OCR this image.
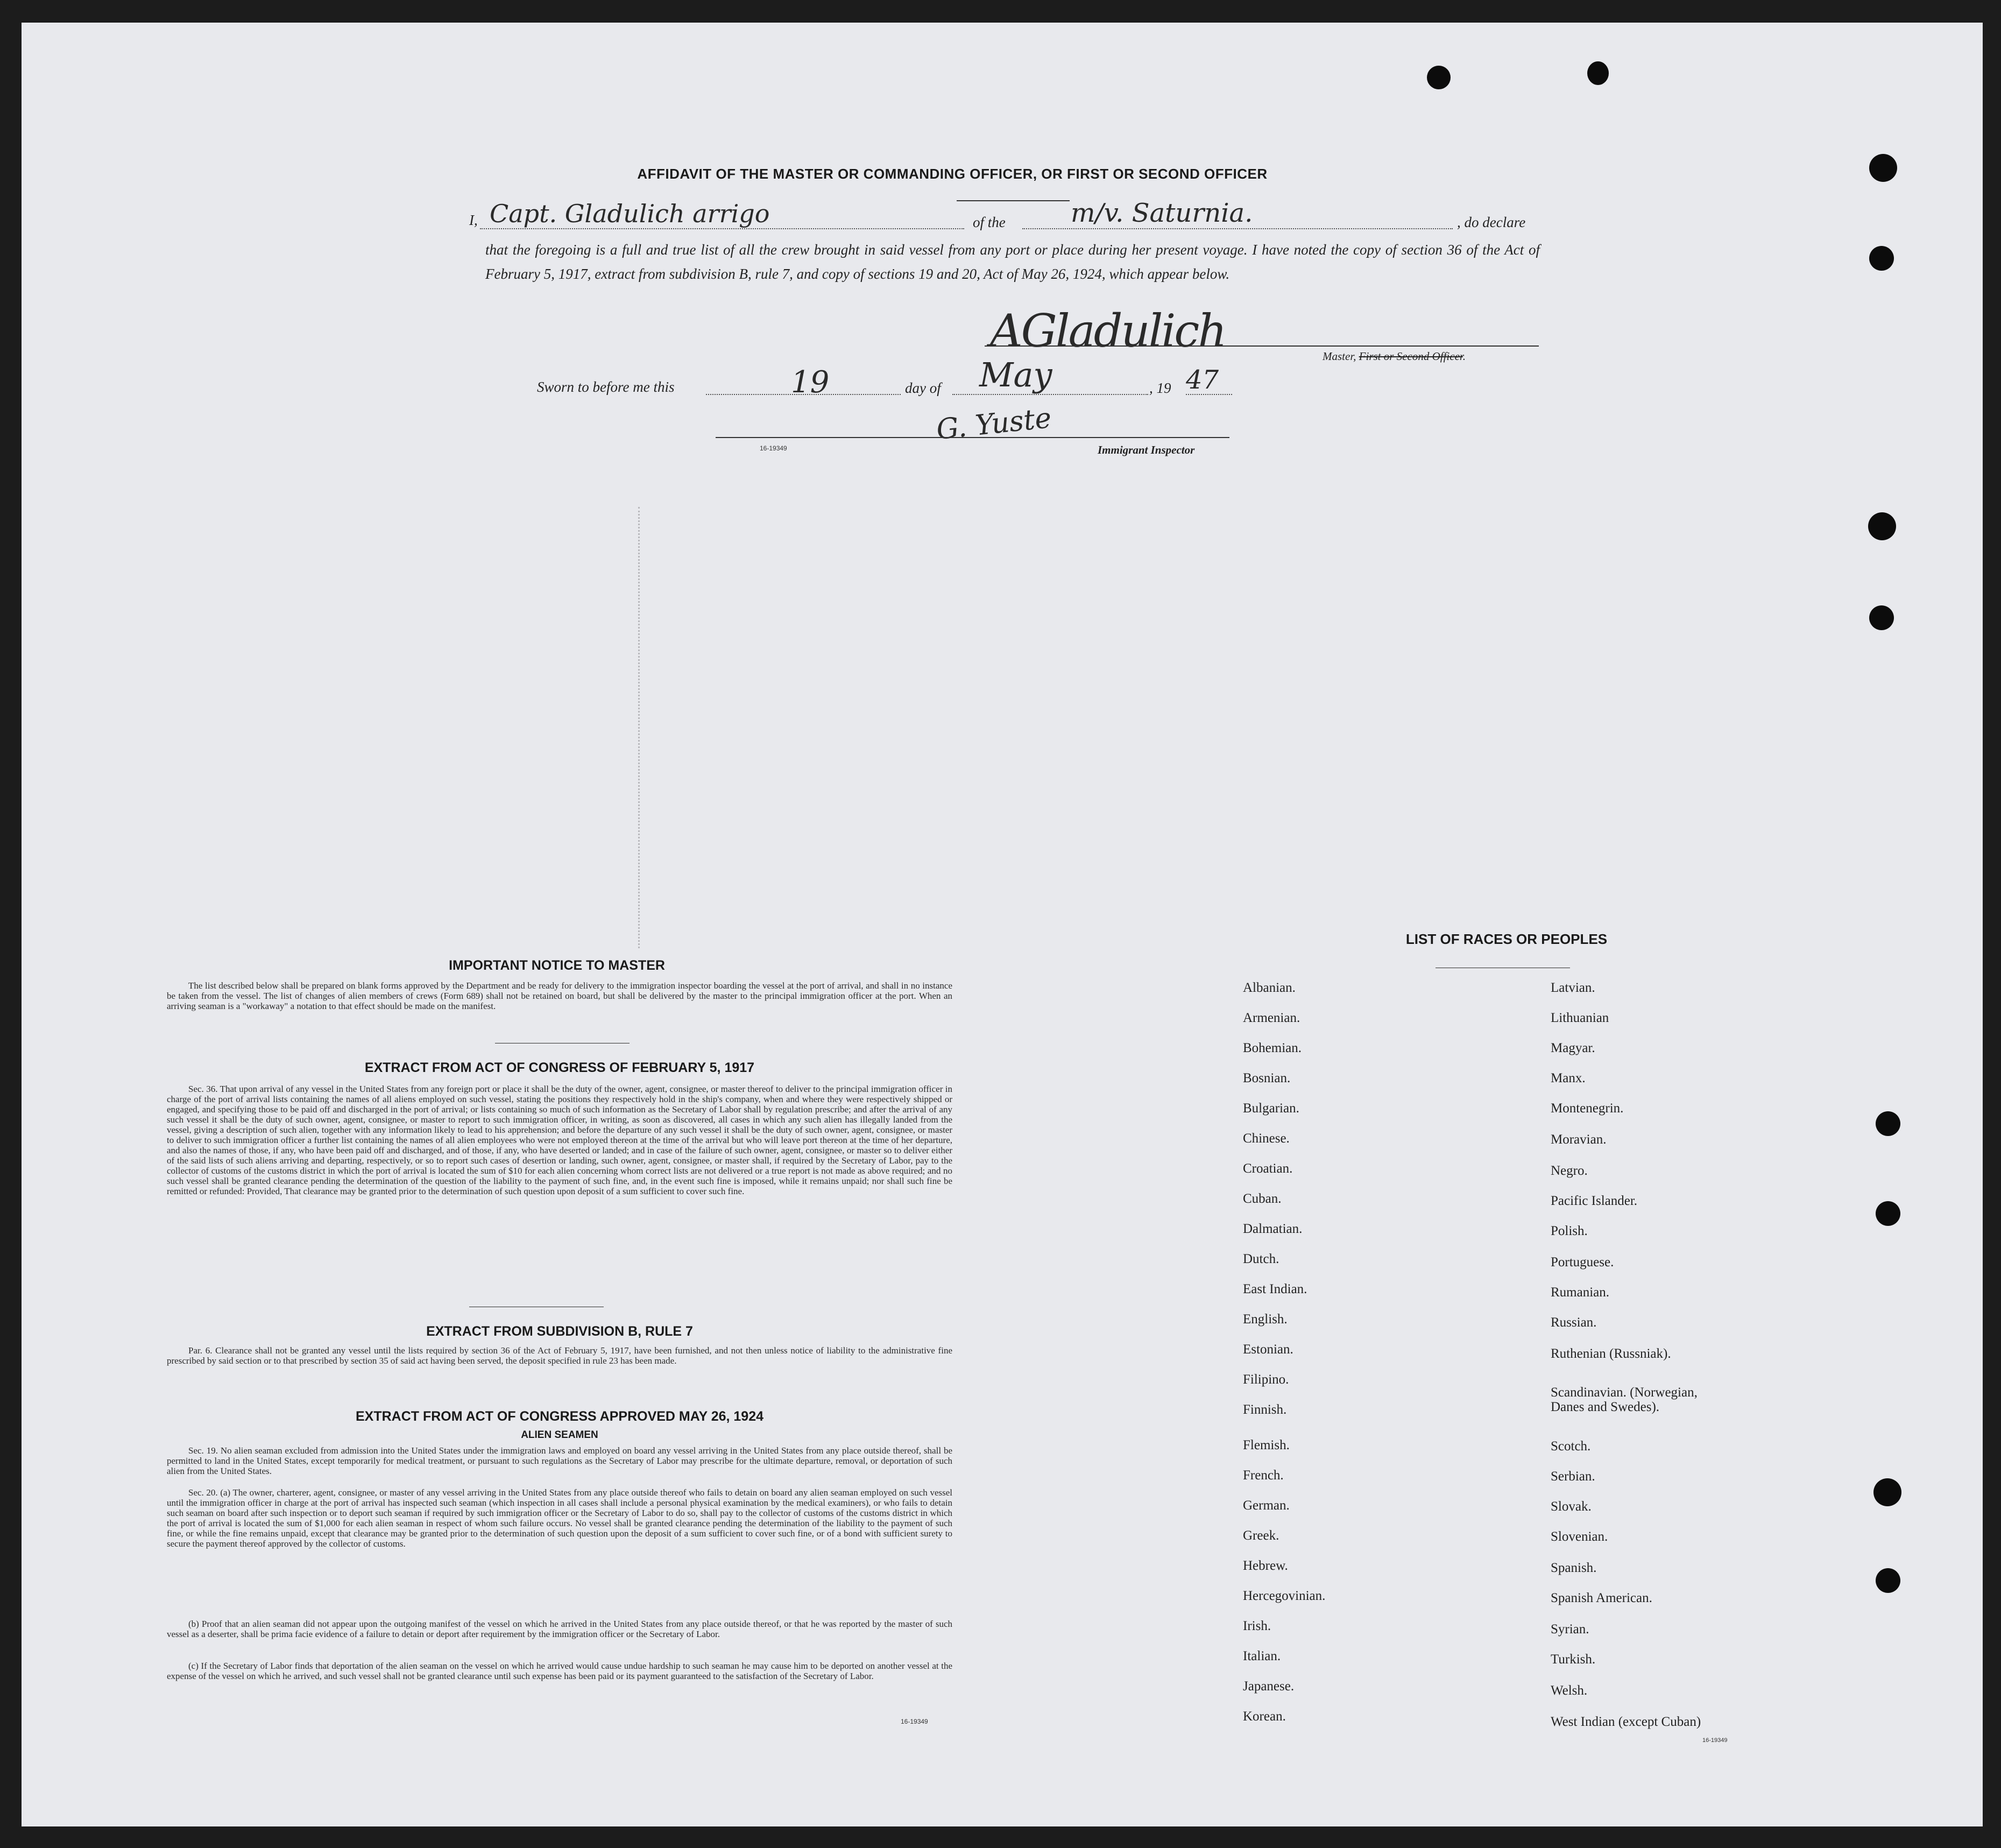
AFFIDAVIT OF THE MASTER OR COMMANDING OFFICER, OR FIRST OR SECOND OFFICER
I, Capt. Gladulich arrigo	of the	m/v. Saturnia.	, do declare
that the foregoing is a full and true list of all the crew brought in said vessel from any port or place during her present voyage. I have noted the copy of section 36 of the Act of February 5, 1917, extract from subdivision B, rule 7, and copy of sections 19 and 20, Act of May 26, 1924, which appear below.
AGladulich	Master, First or Second Officer.
Sworn to before me this	19	day of May	, 19 47
G. Yuste
16-19349	Immigrant Inspector
IMPORTANT NOTICE TO MASTER
The list described below shall be prepared on blank forms approved by the Department and be ready for delivery to the immigration inspector boarding the vessel at the port of arrival, and shall in no instance be taken from the vessel. The list of changes of alien members of crews (Form 689) shall not be retained on board, but shall be delivered by the master to the principal immigration officer at the port. When an arriving seaman is a "workaway" a notation to that effect should be made on the manifest.
EXTRACT FROM ACT OF CONGRESS OF FEBRUARY 5, 1917
Sec. 36. That upon arrival of any vessel in the United States from any foreign port or place it shall be the duty of the owner, agent, consignee, or master thereof to deliver to the principal immigration officer in charge of the port of arrival lists containing the names of all aliens employed on such vessel, stating the positions they respectively hold in the ship's company, when and where they were respectively shipped or engaged, and specifying those to be paid off and discharged in the port of arrival; or lists containing so much of such information as the Secretary of Labor shall by regulation prescribe; and after the arrival of any such vessel it shall be the duty of such owner, agent, consignee, or master to report to such immigration officer, in writing, as soon as discovered, all cases in which any such alien has illegally landed from the vessel, giving a description of such alien, together with any information likely to lead to his apprehension; and before the departure of any such vessel it shall be the duty of such owner, agent, consignee, or master to deliver to such immigration officer a further list containing the names of all alien employees who were not employed thereon at the time of the arrival but who will leave port thereon at the time of her departure, and also the names of those, if any, who have been paid off and discharged, and of those, if any, who have deserted or landed; and in case of the failure of such owner, agent, consignee, or master so to deliver either of the said lists of such aliens arriving and departing, respectively, or so to report such cases of desertion or landing, such owner, agent, consignee, or master shall, if required by the Secretary of Labor, pay to the collector of customs of the customs district in which the port of arrival is located the sum of $10 for each alien concerning whom correct lists are not delivered or a true report is not made as above required; and no such vessel shall be granted clearance pending the determination of the question of the liability to the payment of such fine, and, in the event such fine is imposed, while it remains unpaid; nor shall such fine be remitted or refunded: Provided, That clearance may be granted prior to the determination of such question upon deposit of a sum sufficient to cover such fine.
EXTRACT FROM SUBDIVISION B, RULE 7
Par. 6. Clearance shall not be granted any vessel until the lists required by section 36 of the Act of February 5, 1917, have been furnished, and not then unless notice of liability to the administrative fine prescribed by said section or to that prescribed by section 35 of said act having been served, the deposit specified in rule 23 has been made.
EXTRACT FROM ACT OF CONGRESS APPROVED MAY 26, 1924
ALIEN SEAMEN
Sec. 19. No alien seaman excluded from admission into the United States under the immigration laws and employed on board any vessel arriving in the United States from any place outside thereof, shall be permitted to land in the United States, except temporarily for medical treatment, or pursuant to such regulations as the Secretary of Labor may prescribe for the ultimate departure, removal, or deportation of such alien from the United States.
Sec. 20. (a) The owner, charterer, agent, consignee, or master of any vessel arriving in the United States from any place outside thereof who fails to detain on board any alien seaman employed on such vessel until the immigration officer in charge at the port of arrival has inspected such seaman (which inspection in all cases shall include a personal physical examination by the medical examiners), or who fails to detain such seaman on board after such inspection or to deport such seaman if required by such immigration officer or the Secretary of Labor to do so, shall pay to the collector of customs of the customs district in which the port of arrival is located the sum of $1,000 for each alien seaman in respect of whom such failure occurs. No vessel shall be granted clearance pending the determination of the liability to the payment of such fine, or while the fine remains unpaid, except that clearance may be granted prior to the determination of such question upon the deposit of a sum sufficient to cover such fine, or of a bond with sufficient surety to secure the payment thereof approved by the collector of customs.
(b) Proof that an alien seaman did not appear upon the outgoing manifest of the vessel on which he arrived in the United States from any place outside thereof, or that he was reported by the master of such vessel as a deserter, shall be prima facie evidence of a failure to detain or deport after requirement by the immigration officer or the Secretary of Labor.
(c) If the Secretary of Labor finds that deportation of the alien seaman on the vessel on which he arrived would cause undue hardship to such seaman he may cause him to be deported on another vessel at the expense of the vessel on which he arrived, and such vessel shall not be granted clearance until such expense has been paid or its payment guaranteed to the satisfaction of the Secretary of Labor.
16-19349
LIST OF RACES OR PEOPLES
Albanian.
Armenian.
Bohemian.
Bosnian.
Bulgarian.
Chinese.
Croatian.
Cuban.
Dalmatian.
Dutch.
East Indian.
English.
Estonian.
Filipino.
Finnish.
Flemish.
French.
German.
Greek.
Hebrew.
Hercegovinian.
Irish.
Italian.
Japanese.
Korean.
Latvian.
Lithuanian
Magyar.
Manx.
Montenegrin.
Moravian.
Negro.
Pacific Islander.
Polish.
Portuguese.
Rumanian.
Russian.
Ruthenian (Russniak).
Scandinavian. (Norwegian,
Danes and Swedes).
Scotch.
Serbian.
Slovak.
Slovenian.
Spanish.
Spanish American.
Syrian.
Turkish.
Welsh.
West Indian (except Cuban)
16-19349
